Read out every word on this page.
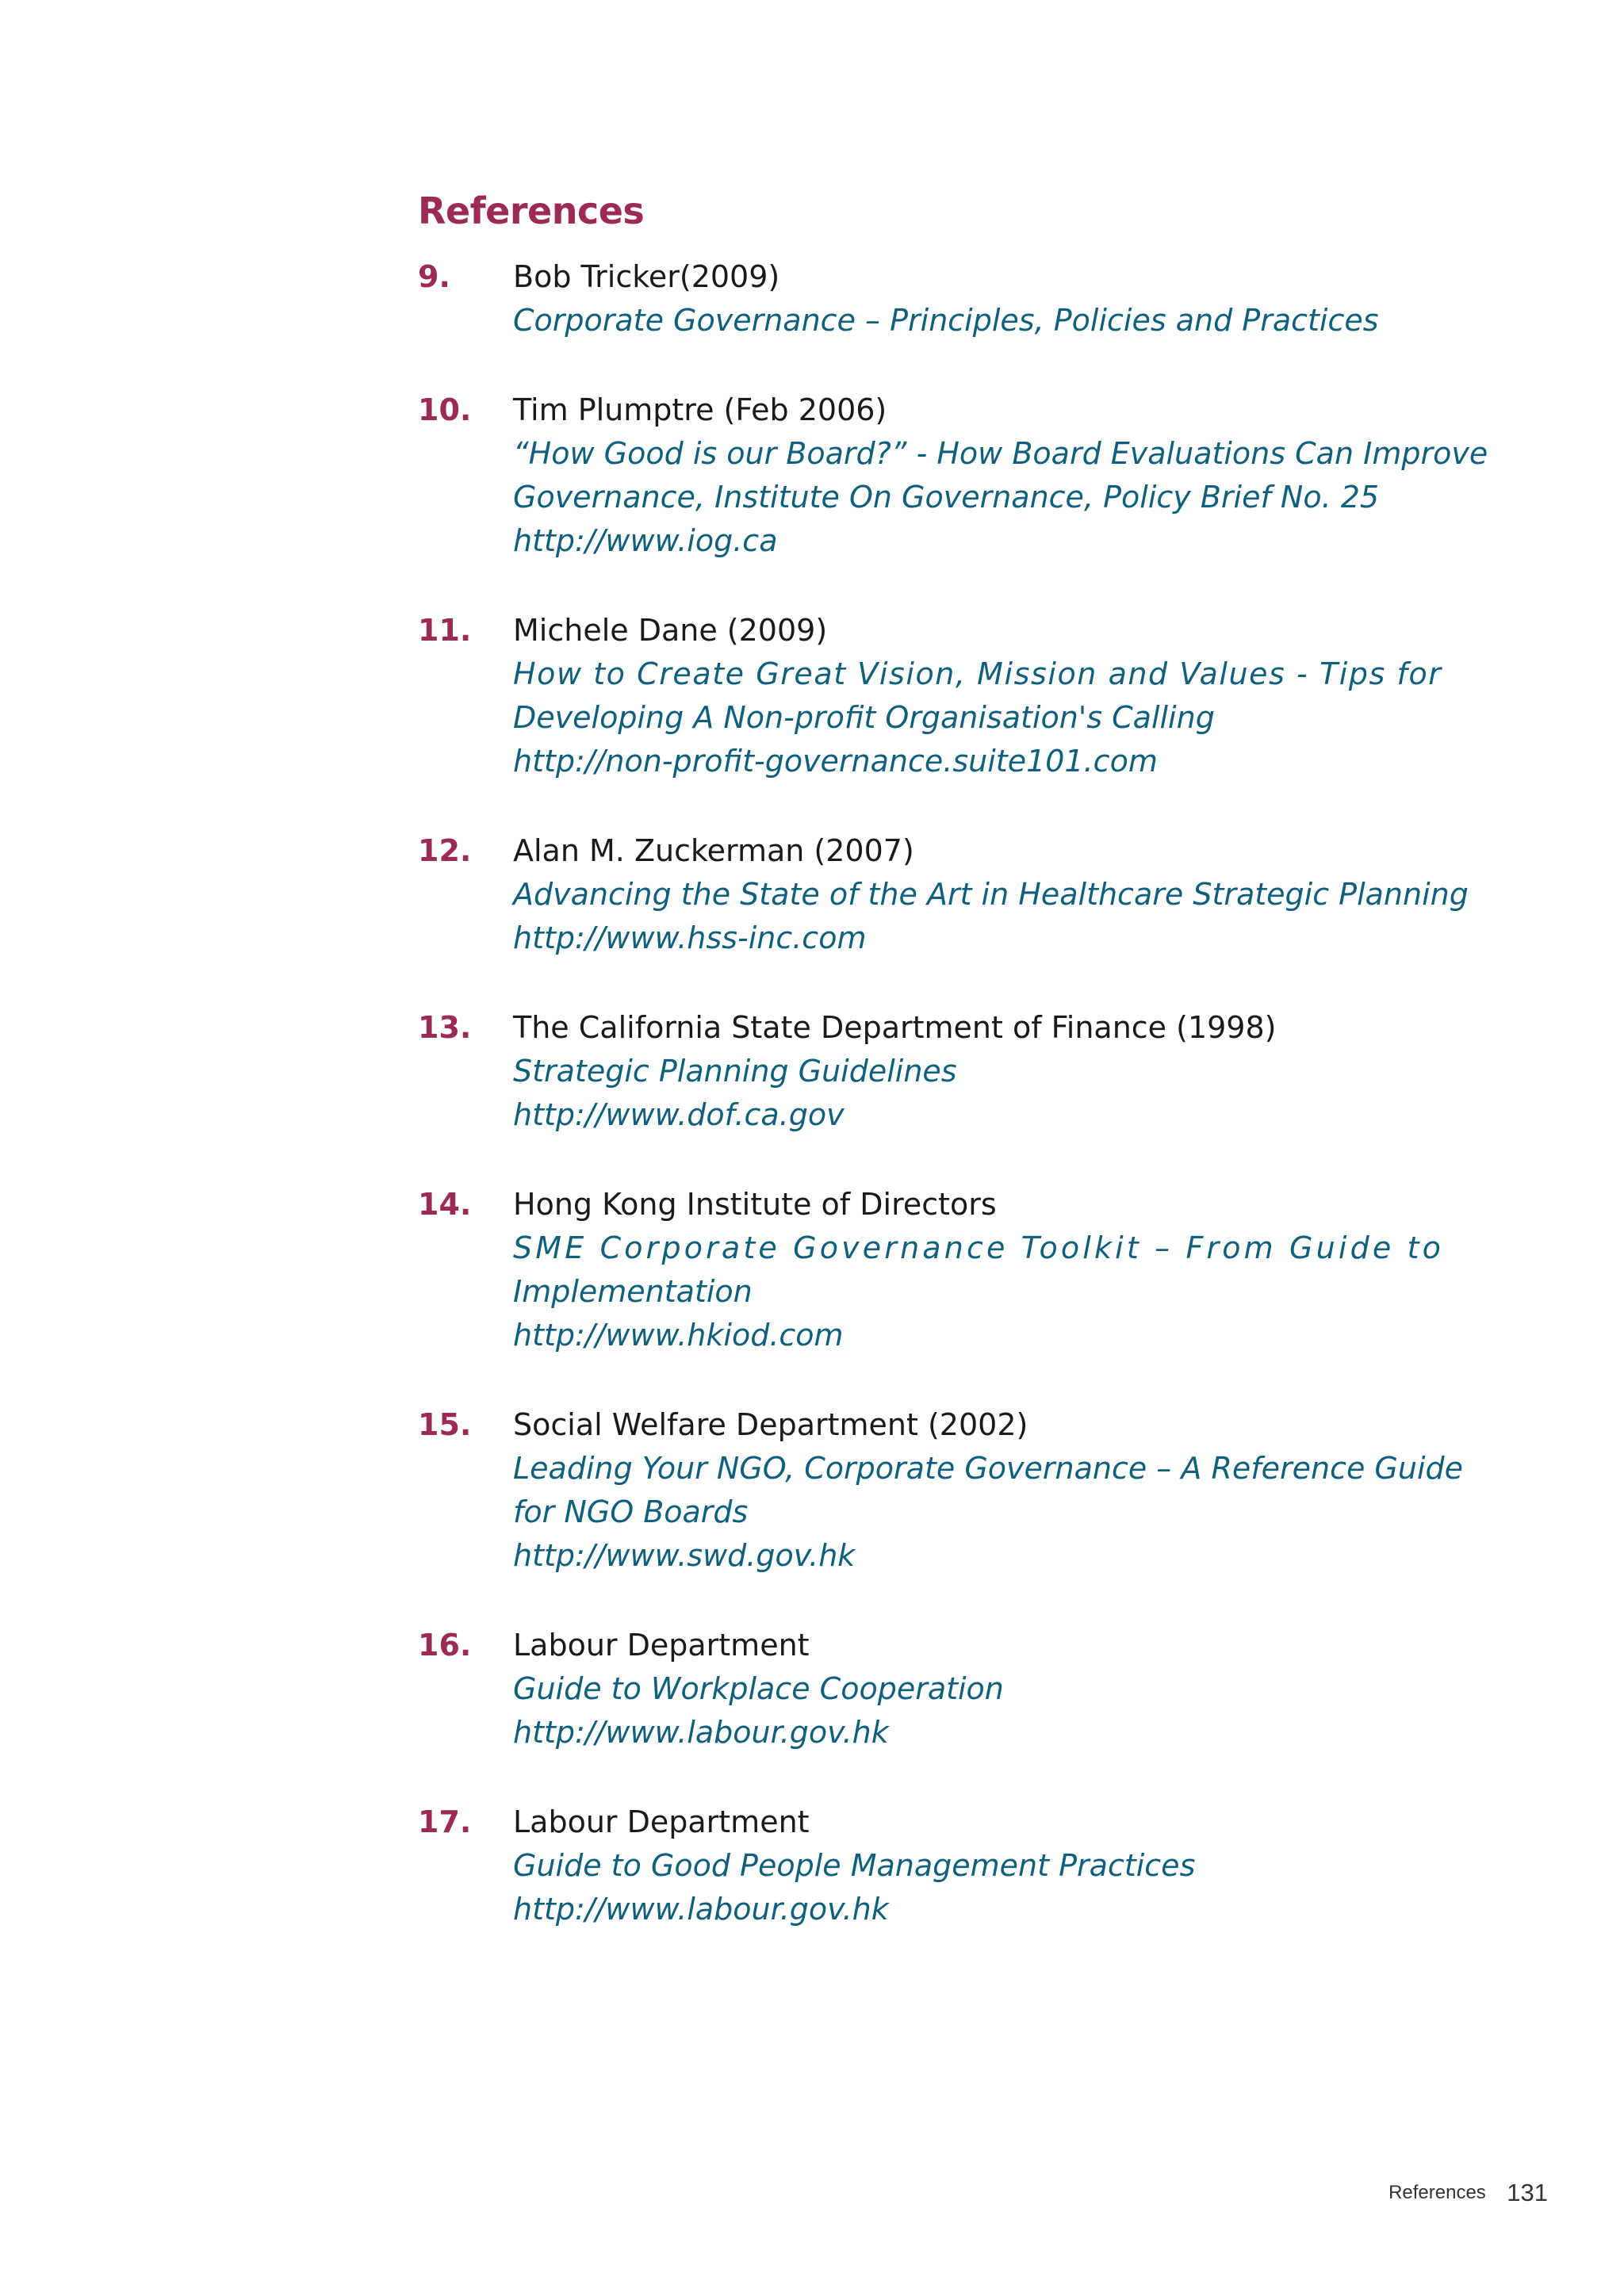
References
9. Bob Tricker(2009)
Corporate Governance – Principles, Policies and Practices
10. Tim Plumptre (Feb 2006)
“How Good is our Board?” - How Board Evaluations Can Improve
Governance, Institute On Governance, Policy Brief No. 25
http://www.iog.ca
11. Michele Dane (2009)
How to Create Great Vision, Mission and Values - Tips for
Developing A Non-profit Organisation's Calling
http://non-profit-governance.suite101.com
12. Alan M. Zuckerman (2007)
Advancing the State of the Art in Healthcare Strategic Planning
http://www.hss-inc.com
13. The California State Department of Finance (1998)
Strategic Planning Guidelines
http://www.dof.ca.gov
14. Hong Kong Institute of Directors
SME Corporate Governance Toolkit – From Guide to
Implementation
http://www.hkiod.com
15. Social Welfare Department (2002)
Leading Your NGO, Corporate Governance – A Reference Guide
for NGO Boards
http://www.swd.gov.hk
16. Labour Department
Guide to Workplace Cooperation
http://www.labour.gov.hk
17. Labour Department
Guide to Good People Management Practices
http://www.labour.gov.hk
References 131
